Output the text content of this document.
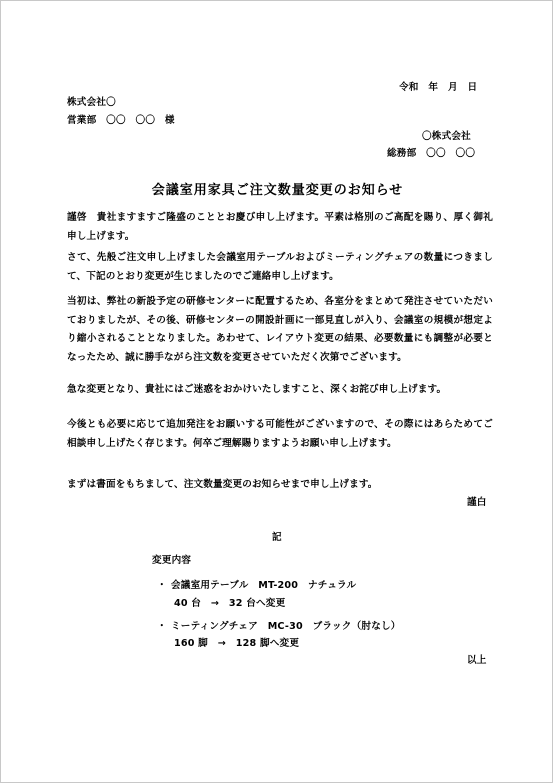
令和　年　月　日
株式会社〇
営業部　〇〇　〇〇　様
〇株式会社
総務部　〇〇　〇〇
会議室用家具ご注文数量変更のお知らせ
謹啓　貴社ますますご隆盛のこととお慶び申し上げます。平素は格別のご高配を賜り、厚く御礼申し上げます。
さて、先般ご注文申し上げました会議室用テーブルおよびミーティングチェアの数量につきまして、下記のとおり変更が生じましたのでご連絡申し上げます。
当初は、弊社の新設予定の研修センターに配置するため、各室分をまとめて発注させていただいておりましたが、その後、研修センターの開設計画に一部見直しが入り、会議室の規模が想定より縮小されることとなりました。あわせて、レイアウト変更の結果、必要数量にも調整が必要となったため、誠に勝手ながら注文数を変更させていただく次第でございます。
急な変更となり、貴社にはご迷惑をおかけいたしますこと、深くお詫び申し上げます。
今後とも必要に応じて追加発注をお願いする可能性がございますので、その際にはあらためてご相談申し上げたく存じます。何卒ご理解賜りますようお願い申し上げます。
まずは書面をもちまして、注文数量変更のお知らせまで申し上げます。
謹白
記
変更内容
・ 会議室用テーブル　MT-200　ナチュラル
40 台　→　32 台へ変更
・ ミーティングチェア　MC-30　ブラック（肘なし）
160 脚　→　128 脚へ変更
以上
